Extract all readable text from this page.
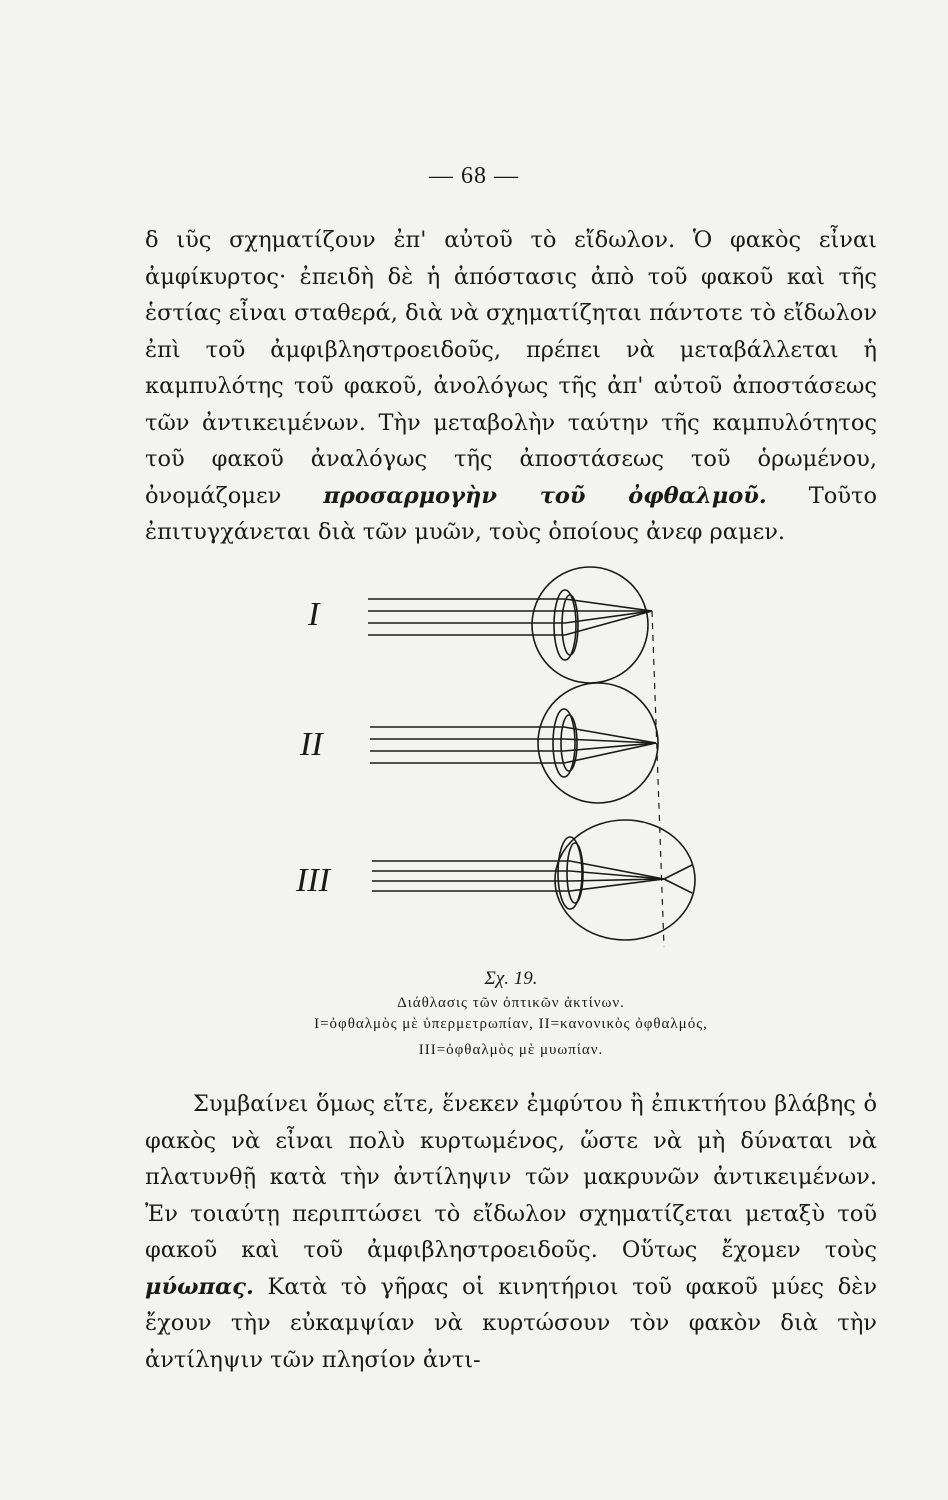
— 68 —

δ ιῦς σχηματίζουν ἐπ' αὐτοῦ τὸ εἴδωλον. Ὁ φακὸς εἶναι ἀμφίκυρτος· ἐπειδὴ δὲ ἡ ἀπόστασις ἀπὸ τοῦ φακοῦ καὶ τῆς ἑστίας εἶναι σταθερά, διὰ νὰ σχηματίζηται πάντοτε τὸ εἴδωλον ἐπὶ τοῦ ἀμφιβληστροειδοῦς, πρέπει νὰ μεταβάλλεται ἡ καμπυλότης τοῦ φακοῦ, ἀνολόγως τῆς ἀπ' αὐτοῦ ἀποστάσεως τῶν ἀντικειμένων. Τὴν μεταβολὴν ταύτην τῆς καμπυλότητος τοῦ φακοῦ ἀναλόγως τῆς ἀποστάσεως τοῦ ὁρωμένου, ὀνομάζομεν προσαρμογὴν τοῦ ὀφθαλμοῦ. Τοῦτο ἐπιτυγχάνεται διὰ τῶν μυῶν, τοὺς ὁποίους ἀνεφ ραμεν.

I
II
III
Σχ. 19.
Διάθλασις τῶν ὀπτικῶν ἀκτίνων.
I=ὀφθαλμὸς μὲ ὑπερμετρωπίαν, II=κανονικὸς ὀφθαλμός,
III=ὀφθαλμὸς μὲ μυωπίαν.

Συμβαίνει ὅμως εἴτε, ἕνεκεν ἐμφύτου ἢ ἐπικτήτου βλάβης ὁ φακὸς νὰ εἶναι πολὺ κυρτωμένος, ὥστε νὰ μὴ δύναται νὰ πλατυνθῇ κατὰ τὴν ἀντίληψιν τῶν μακρυνῶν ἀντικειμένων. Ἐν τοιαύτῃ περιπτώσει τὸ εἴδωλον σχηματίζεται μεταξὺ τοῦ φακοῦ καὶ τοῦ ἀμφιβληστροειδοῦς. Οὕτως ἔχομεν τοὺς μύωπας. Κατὰ τὸ γῆρας οἱ κινητήριοι τοῦ φακοῦ μύες δὲν ἔχουν τὴν εὐκαμψίαν νὰ κυρτώσουν τὸν φακὸν διὰ τὴν ἀντίληψιν τῶν πλησίον ἀντι-
